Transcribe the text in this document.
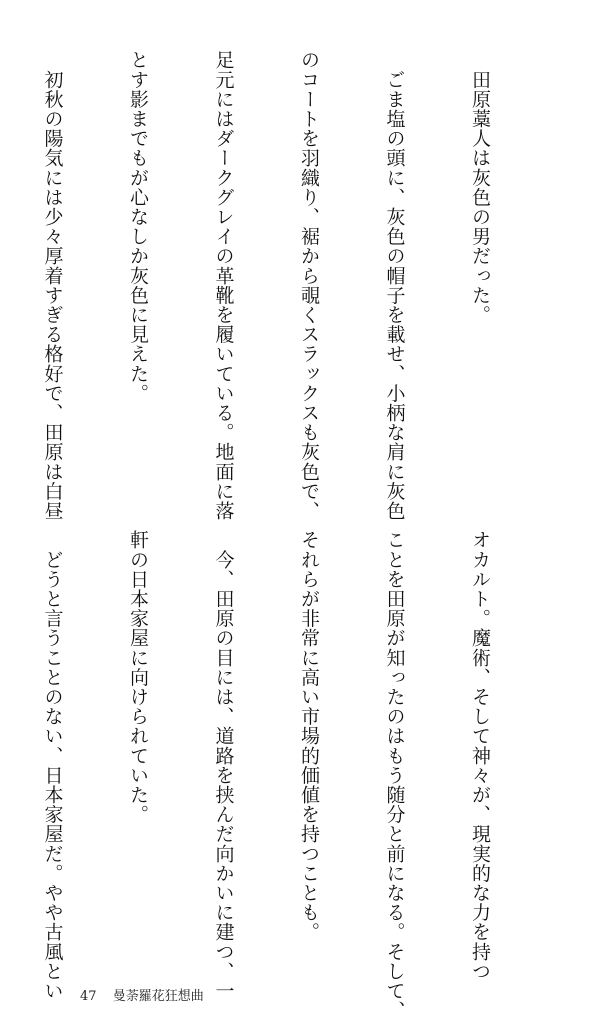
　田原藁人は灰色の男だった。

　ごま塩の頭に、灰色の帽子を載せ、小柄な肩に灰色

のコートを羽織り、裾から覗くスラックスも灰色で、

足元にはダークグレイの革靴を履いている。地面に落

とす影までもが心なしか灰色に見えた。

　初秋の陽気には少々厚着すぎる格好で、田原は白昼

オカルト。魔術、そして神々が、現実的な力を持つ

ことを田原が知ったのはもう随分と前になる。そして、

それらが非常に高い市場的価値を持つことも。

　今、田原の目には、道路を挟んだ向かいに建つ、一

軒の日本家屋に向けられていた。

　どうと言うことのない、日本家屋だ。やや古風とい

47 曼荼羅花狂想曲
